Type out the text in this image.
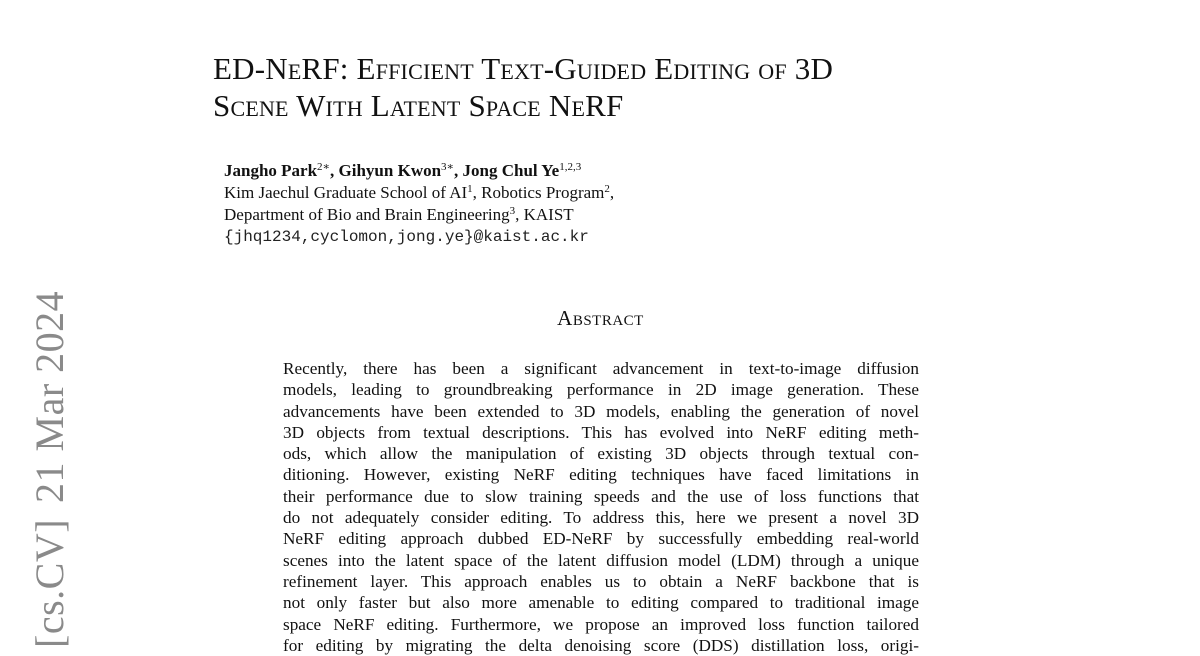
[cs.CV]21 Mar 2024
ED-NeRF: Efficient Text-Guided Editing of 3D
Scene With Latent Space NeRF
Jangho Park$^{2∗}$, Gihyun Kwon$^{3∗}$, Jong Chul Ye$^{1,2,3}$
Kim Jaechul Graduate School of $AI^1$, Robotics Program$^2$,
Department of Bio and Brain Engineering$^3$, KAIST
{jhq1234,cyclomon,jong.ye}@kaist.ac.kr
Abstract
Recently, there has been a significant advancement in text-to-image diffusion
models, leading to groundbreaking performance in 2D image generation. These
advancements have been extended to 3D models, enabling the generation of novel
3D objects from textual descriptions. This has evolved into NeRF editing meth-
ods, which allow the manipulation of existing 3D objects through textual con-
ditioning. However, existing NeRF editing techniques have faced limitations in
their performance due to slow training speeds and the use of loss functions that
do not adequately consider editing. To address this, here we present a novel 3D
NeRF editing approach dubbed ED-NeRF by successfully embedding real-world
scenes into the latent space of the latent diffusion model (LDM) through a unique
refinement layer. This approach enables us to obtain a NeRF backbone that is
not only faster but also more amenable to editing compared to traditional image
space NeRF editing. Furthermore, we propose an improved loss function tailored
for editing by migrating the delta denoising score (DDS) distillation loss, origi-
